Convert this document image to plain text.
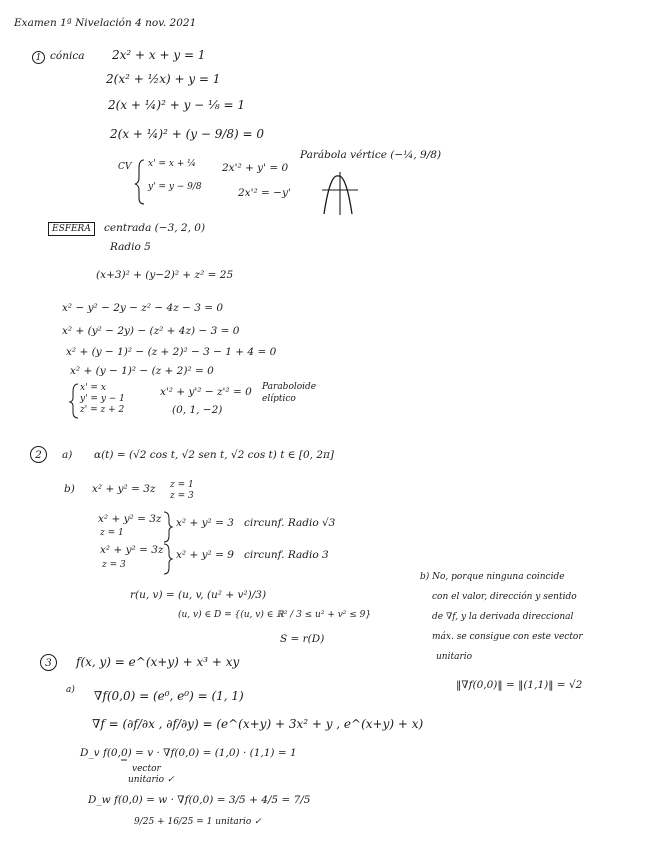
Examen 1ª Nivelación 4 nov. 2021
1 cónica 2x² + x + y = 1
2(x² + ½x) + y = 1
2(x + ¼)² + y − ⅛ = 1
2(x + ¼)² + (y − 9/8) = 0
CV x' = x + ¼
y' = y − 9/8
2x'² + y' = 0
2x'² = −y'
Parábola vértice (−¼, 9/8)
ESFERA	centrada (−3, 2, 0)
Radio 5
(x+3)² + (y−2)² + z² = 25
x² − y² − 2y − z² − 4z − 3 = 0
x² + (y² − 2y) − (z² + 4z) − 3 = 0
x² + (y − 1)² − (z + 2)² − 3 − 1 + 4 = 0
x² + (y − 1)² − (z + 2)² = 0
x' = x
y' = y − 1
z' = z + 2
x'² + y'² − z'² = 0
(0, 1, −2)
Paraboloide
elíptico
2	a) α(t) = (√2 cos t, √2 sen t, √2 cos t) t ∈ [0, 2π]
b) x² + y² = 3z z = 1
z = 3
x² + y² = 3z
z = 1
x² + y² = 3 circunf. Radio √3
x² + y² = 3z
z = 3
x² + y² = 9 circunf. Radio 3
r(u, v) = (u, v, (u² + v²)/3)
(u, v) ∈ D = {(u, v) ∈ ℝ² / 3 ≤ u² + v² ≤ 9}
S = r(D)
b) No, porque ninguna coincide
con el valor, dirección y sentido
de ∇f, y la derivada direccional
máx. se consigue con este vector
unitario
‖∇f(0,0)‖ = ‖(1,1)‖ = √2
3	f(x, y) = e^(x+y) + x³ + xy
a) ∇f(0,0) = (e⁰, e⁰) = (1, 1)
∇f = (∂f/∂x , ∂f/∂y) = (e^(x+y) + 3x² + y , e^(x+y) + x)
D_v f(0,0) = v · ∇f(0,0) = (1,0) · (1,1) = 1
vector
unitario ✓
D_w f(0,0) = w · ∇f(0,0) = 3/5 + 4/5 = 7/5
9/25 + 16/25 = 1 unitario ✓
